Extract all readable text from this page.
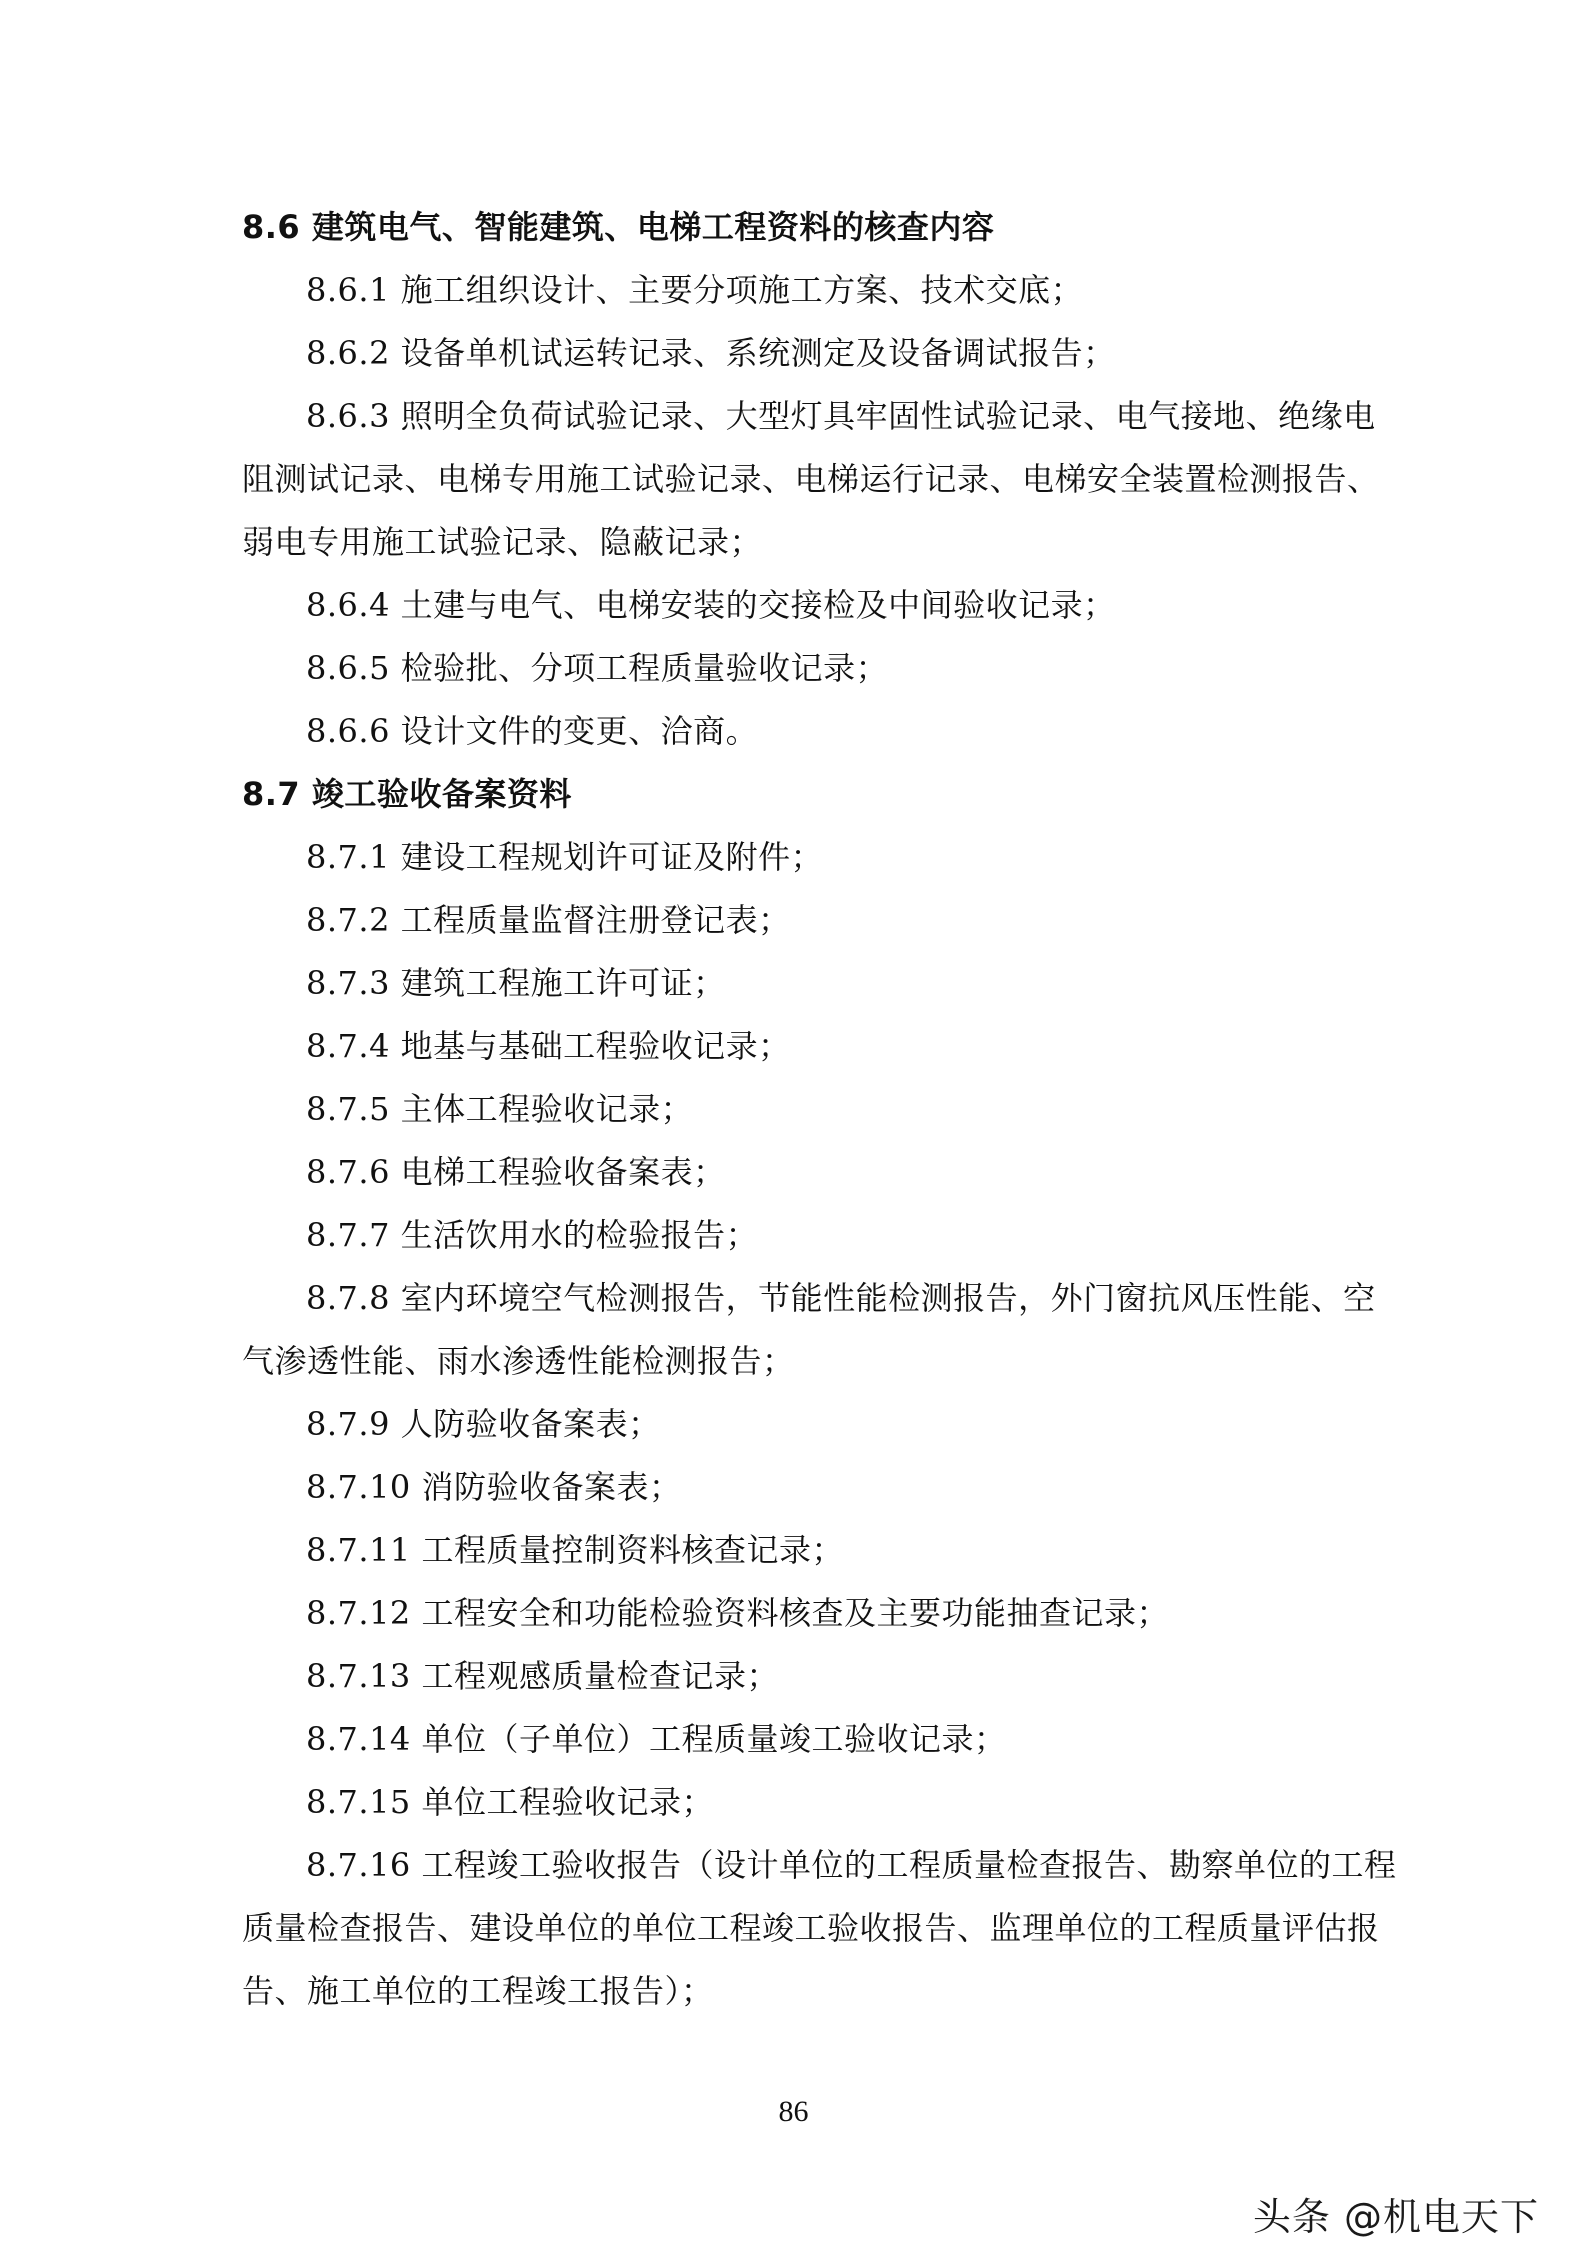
8.6 建筑电气、智能建筑、电梯工程资料的核查内容
8.6.1 施工组织设计、主要分项施工方案、技术交底；
8.6.2 设备单机试运转记录、系统测定及设备调试报告；
8.6.3 照明全负荷试验记录、大型灯具牢固性试验记录、电气接地、绝缘电
阻测试记录、电梯专用施工试验记录、电梯运行记录、电梯安全装置检测报告、
弱电专用施工试验记录、隐蔽记录；
8.6.4 土建与电气、电梯安装的交接检及中间验收记录；
8.6.5 检验批、分项工程质量验收记录；
8.6.6 设计文件的变更、洽商。
8.7 竣工验收备案资料
8.7.1 建设工程规划许可证及附件；
8.7.2 工程质量监督注册登记表；
8.7.3 建筑工程施工许可证；
8.7.4 地基与基础工程验收记录；
8.7.5 主体工程验收记录；
8.7.6 电梯工程验收备案表；
8.7.7 生活饮用水的检验报告；
8.7.8 室内环境空气检测报告，节能性能检测报告，外门窗抗风压性能、空
气渗透性能、雨水渗透性能检测报告；
8.7.9 人防验收备案表；
8.7.10 消防验收备案表；
8.7.11 工程质量控制资料核查记录；
8.7.12 工程安全和功能检验资料核查及主要功能抽查记录；
8.7.13 工程观感质量检查记录；
8.7.14 单位（子单位）工程质量竣工验收记录；
8.7.15 单位工程验收记录；
8.7.16 工程竣工验收报告（设计单位的工程质量检查报告、勘察单位的工程
质量检查报告、建设单位的单位工程竣工验收报告、监理单位的工程质量评估报
告、施工单位的工程竣工报告）；
86
头条 @机电天下
